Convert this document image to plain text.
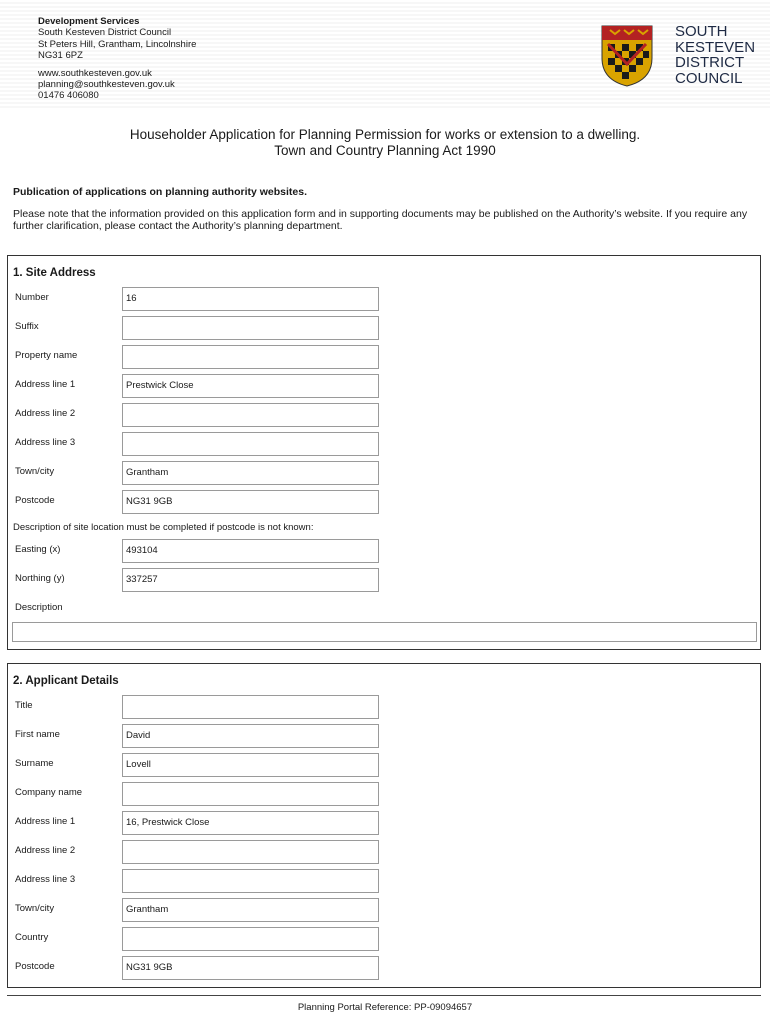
Development Services
South Kesteven District Council
St Peters Hill, Grantham, Lincolnshire
NG31 6PZ
www.southkesteven.gov.uk
planning@southkesteven.gov.uk
01476 406080
SOUTH
KESTEVEN
DISTRICT
COUNCIL
Householder Application for Planning Permission for works or extension to a dwelling.
Town and Country Planning Act 1990
Publication of applications on planning authority websites.
Please note that the information provided on this application form and in supporting documents may be published on the Authority’s website. If you require any further clarification, please contact the Authority’s planning department.
1. Site Address
Number	16
Suffix
Property name
Address line 1	Prestwick Close
Address line 2
Address line 3
Town/city	Grantham
Postcode	NG31 9GB
Description of site location must be completed if postcode is not known:
Easting (x)	493104
Northing (y)	337257
Description
2. Applicant Details
Title
First name	David
Surname	Lovell
Company name
Address line 1	16, Prestwick Close
Address line 2
Address line 3
Town/city	Grantham
Country
Postcode	NG31 9GB
Planning Portal Reference: PP-09094657
